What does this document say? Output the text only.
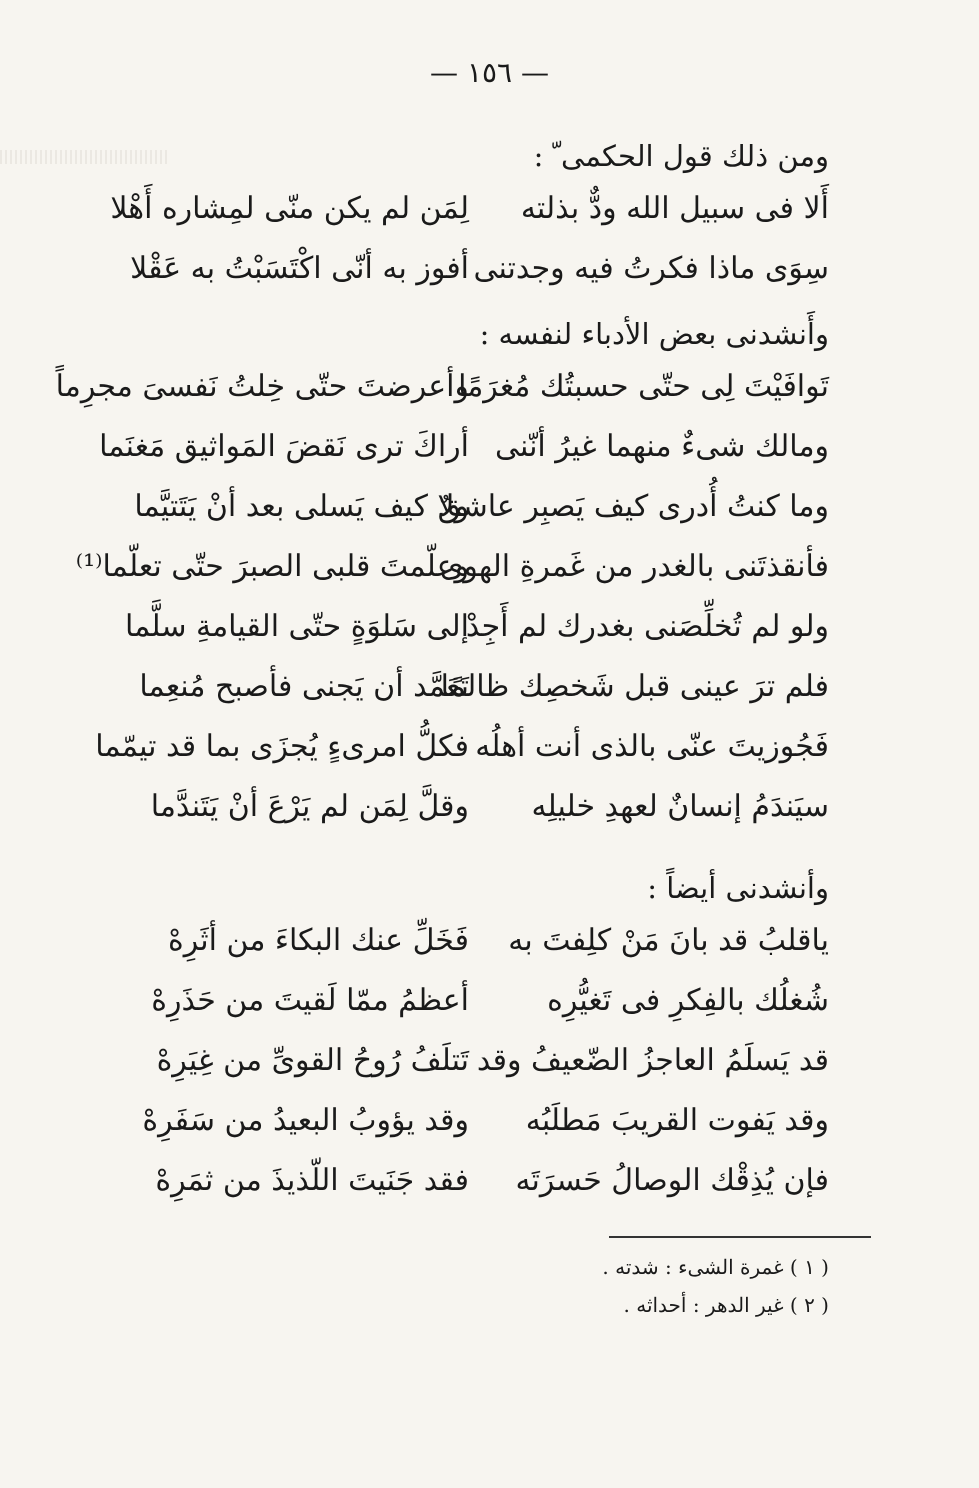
— ١٥٦ —
ومن ذلك قول الحكمى ّ :
أَلا فى سبيل الله ودٌّ بذلته
لِمَن لم يكن منّى لمِشاره أَهْلا
سِوَى ماذا فكرتُ فيه وجدتنى
أفوز به أنّى اكْتَسَبْتُ به عَقْلا
وأَنشدنى بعض الأدباء لنفسه :
تَوافَيْتَ لِى حتّى حسبتُك مُغرَمًا
وأعرضتَ حتّى خِلتُ نَفسىَ مجرِماً
ومالك شىءٌ منهما غيرُ أنّنى
أراكَ ترى نَقضَ المَواثيق مَغنَما
وما كنتُ أُدرى كيف يَصبِر عاشقٌ
ولا كيف يَسلى بعد أنْ يَتَتيَّما
فأنقذتَنى بالغدر من غَمرةِ الهوى
وعلّمتَ قلبى الصبرَ حتّى تعلّما⁽¹⁾
ولو لم تُخلِّصَنى بغدرك لم أَجِدْ
إلى سَلوَةٍ حتّى القيامةِ سلَّما
فلم ترَ عينى قبل شَخصِك ظالمًا
تَعَمَّد أن يَجنى فأصبح مُنعِما
فَجُوزيتَ عنّى بالذى أنت أهلُه
فكلُّ امرىءٍ يُجزَى بما قد تيمّما
سيَندَمُ إنسانٌ لعهدِ خليلِه
وقلَّ لِمَن لم يَرْعَ أنْ يَتَندَّما
وأنشدنى أيضاً :
ياقلبُ قد بانَ مَنْ كلِفتَ به
فَخَلِّ عنك البكاءَ من أثَرِهْ
شُغلُك بالفِكرِ فى تَغيُّرِه
أعظمُ ممّا لَقيتَ من حَذَرِهْ
قد يَسلَمُ العاجزُ الضّعيفُ وقد
تَتلَفُ رُوحُ القوىِّ من غِيَرِهْ
وقد يَفوت القريبَ مَطلَبُه
وقد يؤوبُ البعيدُ من سَفَرِهْ
فإن يُذِقْك الوصالُ حَسرَتَه
فقد جَنَيتَ اللّذيذَ من ثمَرِهْ
( ١ ) غمرة الشىء : شدته .
( ٢ ) غير الدهر : أحداثه .
